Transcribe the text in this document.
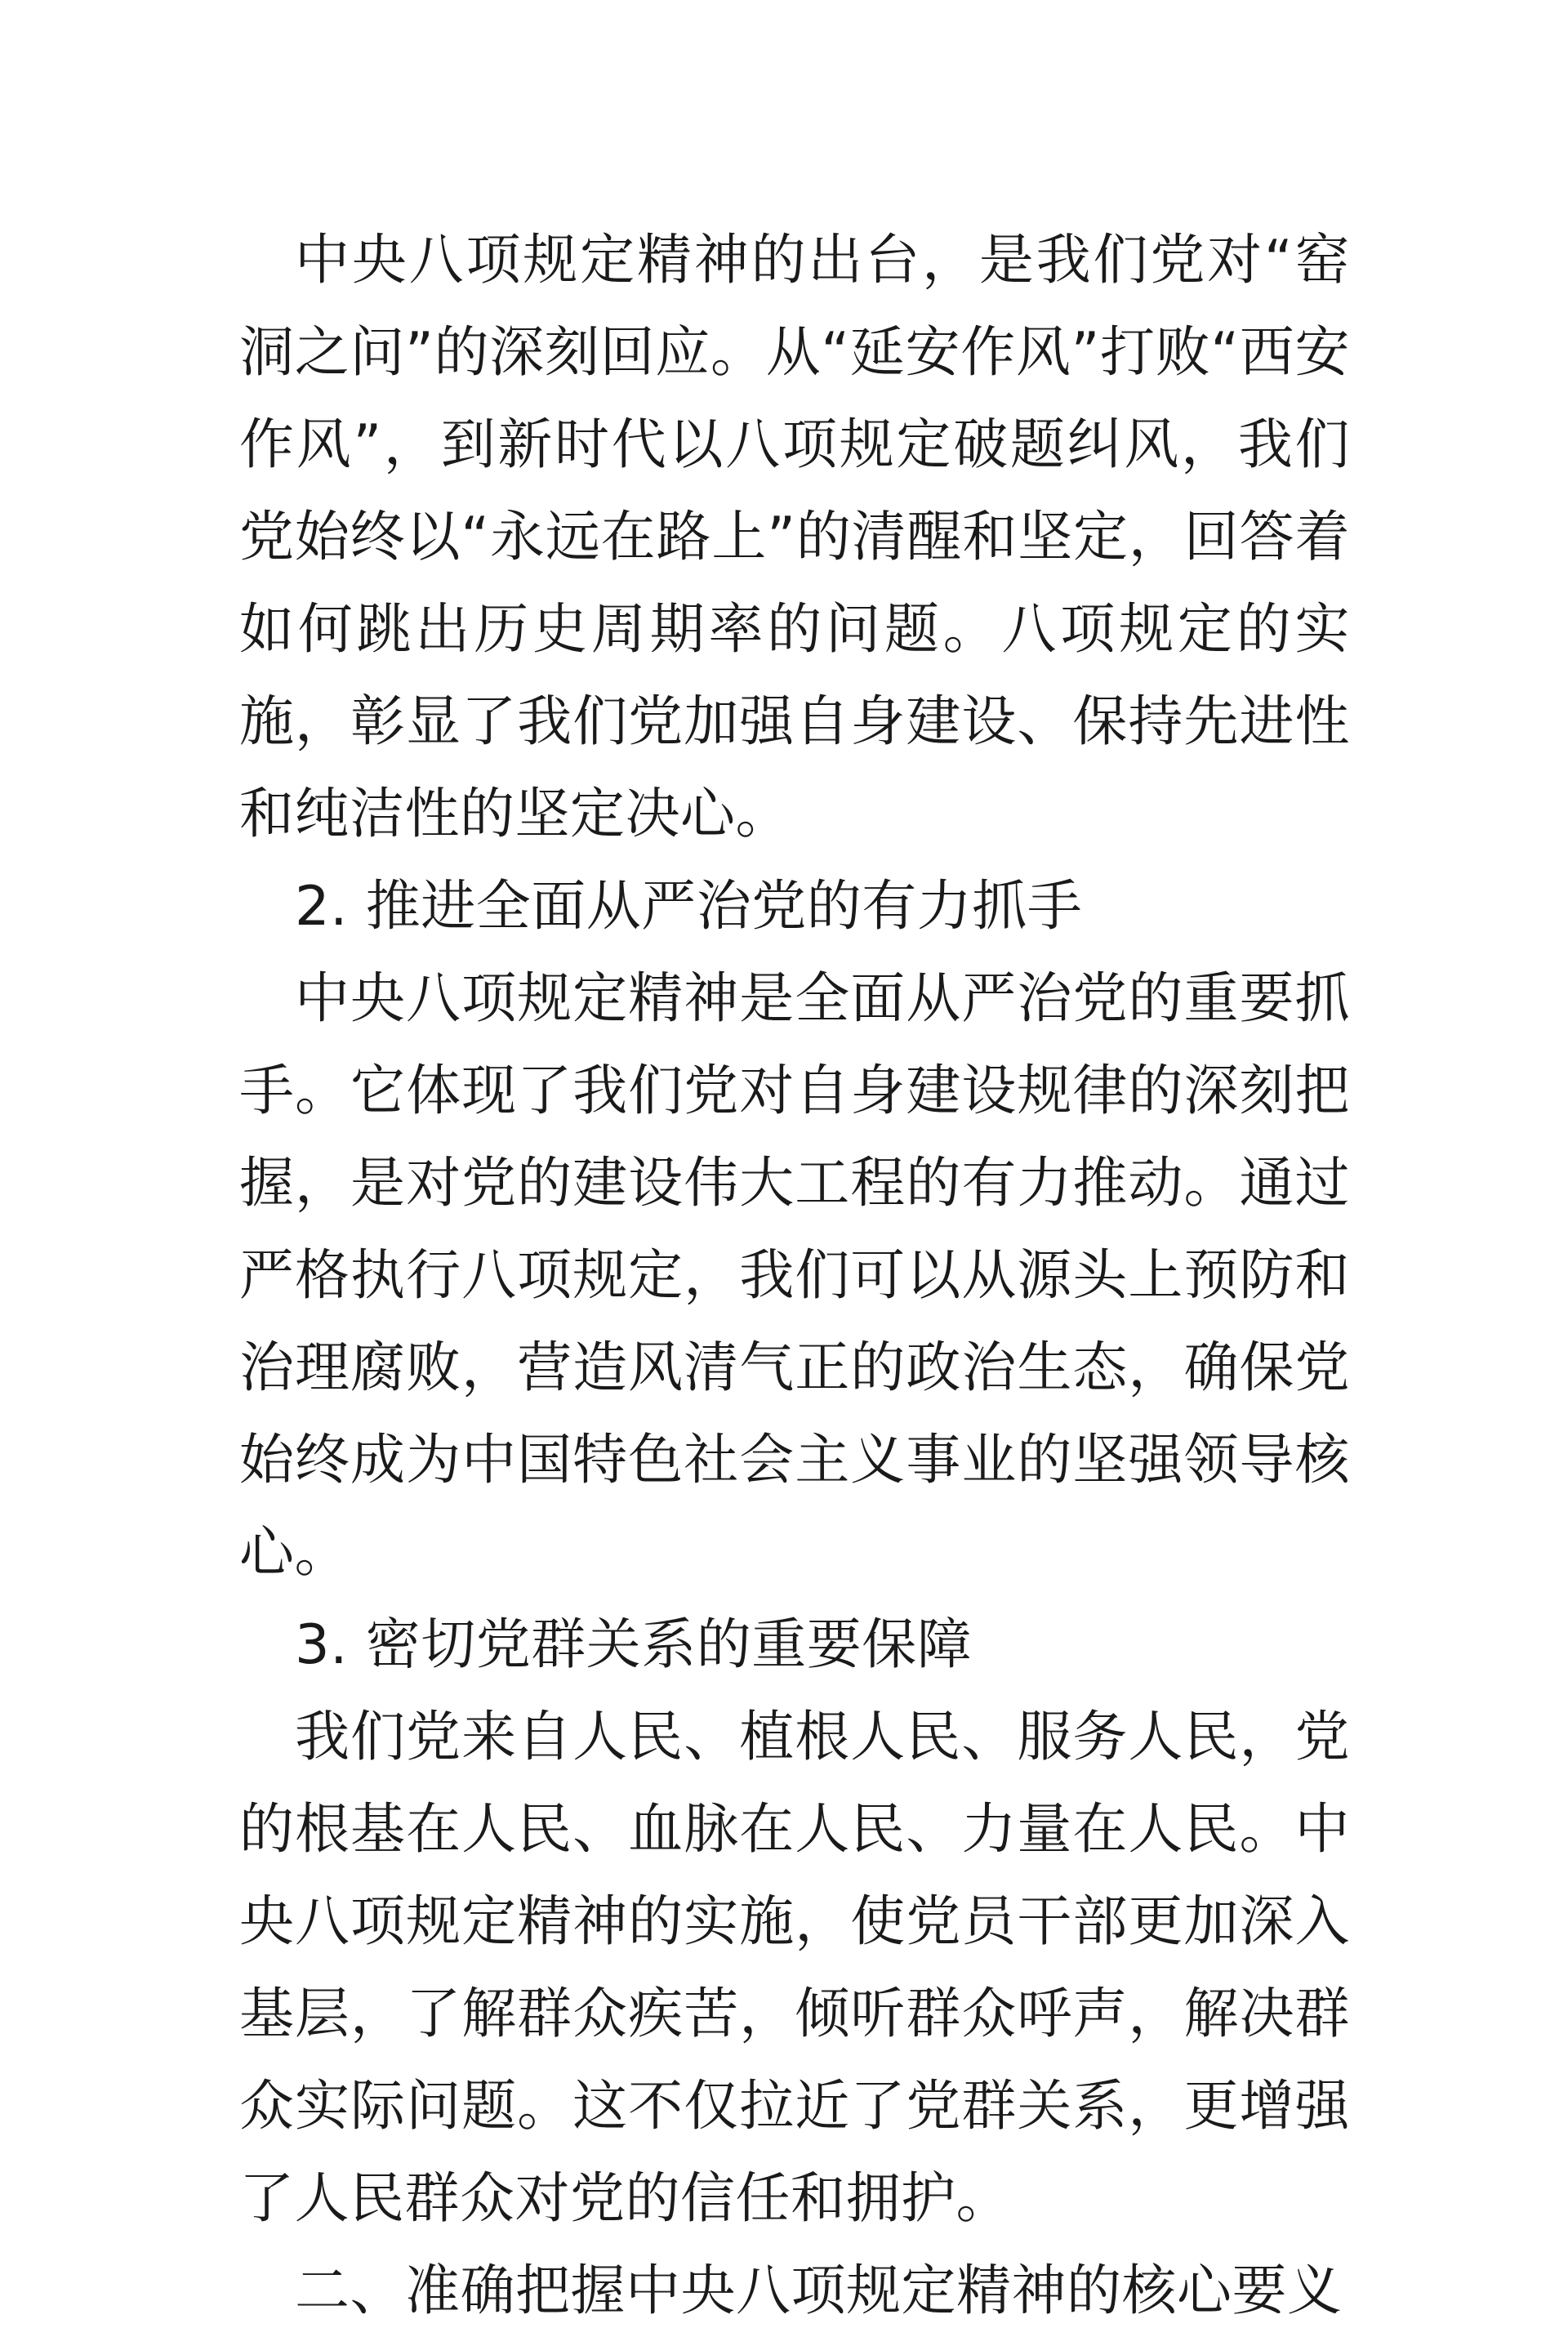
中央八项规定精神的出台，是我们党对“窑洞之问”的深刻回应。从“延安作风”打败“西安作风”，到新时代以八项规定破题纠风，我们党始终以“永远在路上”的清醒和坚定，回答着如何跳出历史周期率的问题。八项规定的实施，彰显了我们党加强自身建设、保持先进性和纯洁性的坚定决心。

2. 推进全面从严治党的有力抓手

中央八项规定精神是全面从严治党的重要抓手。它体现了我们党对自身建设规律的深刻把握，是对党的建设伟大工程的有力推动。通过严格执行八项规定，我们可以从源头上预防和治理腐败，营造风清气正的政治生态，确保党始终成为中国特色社会主义事业的坚强领导核心。

3. 密切党群关系的重要保障

我们党来自人民、植根人民、服务人民，党的根基在人民、血脉在人民、力量在人民。中央八项规定精神的实施，使党员干部更加深入基层，了解群众疾苦，倾听群众呼声，解决群众实际问题。这不仅拉近了党群关系，更增强了人民群众对党的信任和拥护。

二、准确把握中央八项规定精神的核心要义
